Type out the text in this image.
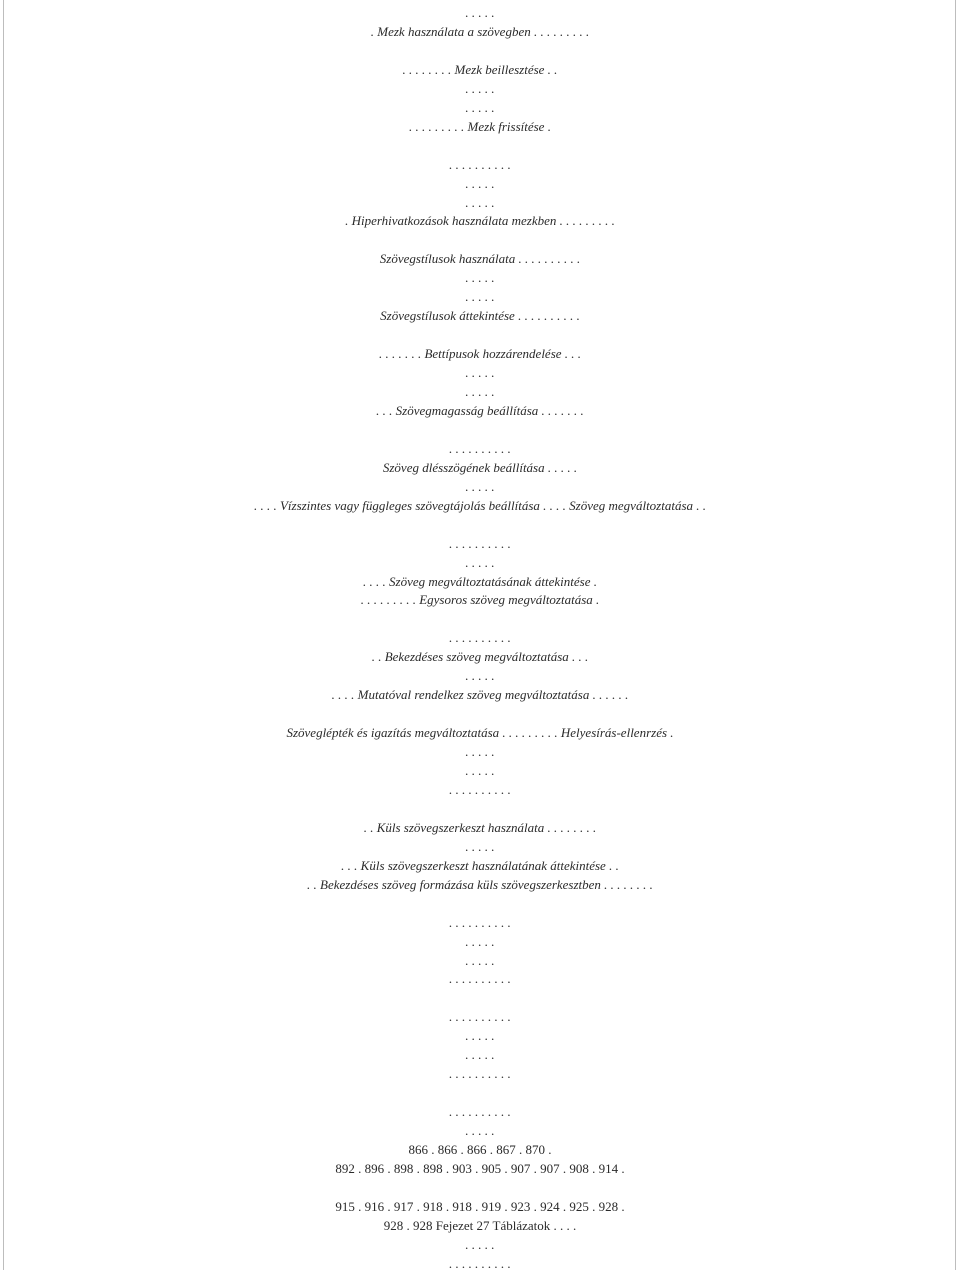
. . . . .
. Mezk használata a szövegben . . . . . . . . .
. . . . . . . . Mezk beillesztése . .
. . . . .
. . . . .
. . . . . . . . . Mezk frissítése .
. . . . . . . . . .
. . . . .
. . . . .
. Hiperhivatkozások használata mezkben . . . . . . . . .
Szövegstílusok használata . . . . . . . . . .
. . . . .
. . . . .
Szövegstílusok áttekintése . . . . . . . . . .
. . . . . . . Bettípusok hozzárendelése . . .
. . . . .
. . . . .
. . . Szövegmagasság beállítása . . . . . . .
. . . . . . . . . .
Szöveg dlésszögének beállítása . . . . .
. . . . .
. . . . Vízszintes vagy függleges szövegtájolás beállítása . . . . Szöveg megváltoztatása . .
. . . . . . . . . .
. . . . .
. . . . Szöveg megváltoztatásának áttekintése .
. . . . . . . . . Egysoros szöveg megváltoztatása .
. . . . . . . . . .
. . Bekezdéses szöveg megváltoztatása . . .
. . . . .
. . . . Mutatóval rendelkez szöveg megváltoztatása . . . . . .
Szöveglépték és igazítás megváltoztatása . . . . . . . . . Helyesírás-ellenrzés .
. . . . .
. . . . .
. . . . . . . . . .
. . Küls szövegszerkeszt használata . . . . . . . .
. . . . .
. . . Küls szövegszerkeszt használatának áttekintése . .
. . Bekezdéses szöveg formázása küls szövegszerkesztben . . . . . . . .
. . . . . . . . . .
. . . . .
. . . . .
. . . . . . . . . .
. . . . . . . . . .
. . . . .
. . . . .
. . . . . . . . . .
. . . . . . . . . .
. . . . .
866 . 866 . 866 . 867 . 870 .
892 . 896 . 898 . 898 . 903 . 905 . 907 . 907 . 908 . 914 .
915 . 916 . 917 . 918 . 918 . 919 . 923 . 924 . 925 . 928 .
928 . 928 Fejezet 27 Táblázatok . . . .
. . . . .
. . . . . . . . . .
